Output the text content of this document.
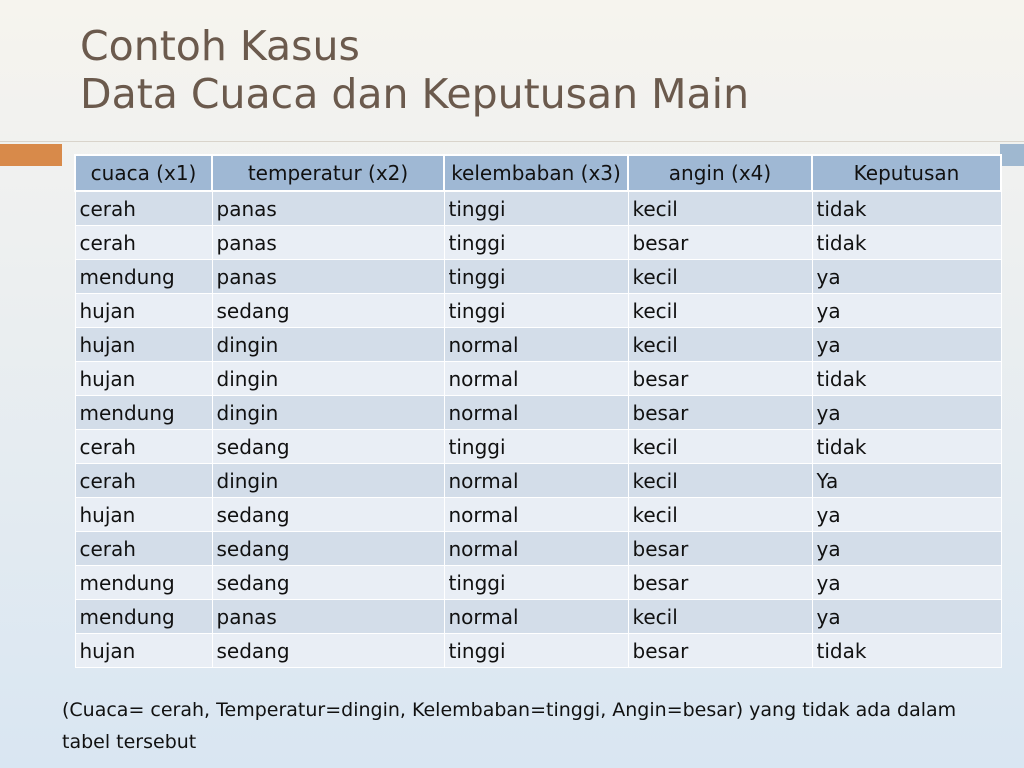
Contoh Kasus
Data Cuaca dan Keputusan Main
cuaca (x1)	temperatur (x2)	kelembaban (x3)	angin (x4)	Keputusan
cerah	panas	tinggi	kecil	tidak
cerah	panas	tinggi	besar	tidak
mendung	panas	tinggi	kecil	ya
hujan	sedang	tinggi	kecil	ya
hujan	dingin	normal	kecil	ya
hujan	dingin	normal	besar	tidak
mendung	dingin	normal	besar	ya
cerah	sedang	tinggi	kecil	tidak
cerah	dingin	normal	kecil	Ya
hujan	sedang	normal	kecil	ya
cerah	sedang	normal	besar	ya
mendung	sedang	tinggi	besar	ya
mendung	panas	normal	kecil	ya
hujan	sedang	tinggi	besar	tidak
(Cuaca= cerah, Temperatur=dingin, Kelembaban=tinggi, Angin=besar) yang tidak ada dalam tabel tersebut
